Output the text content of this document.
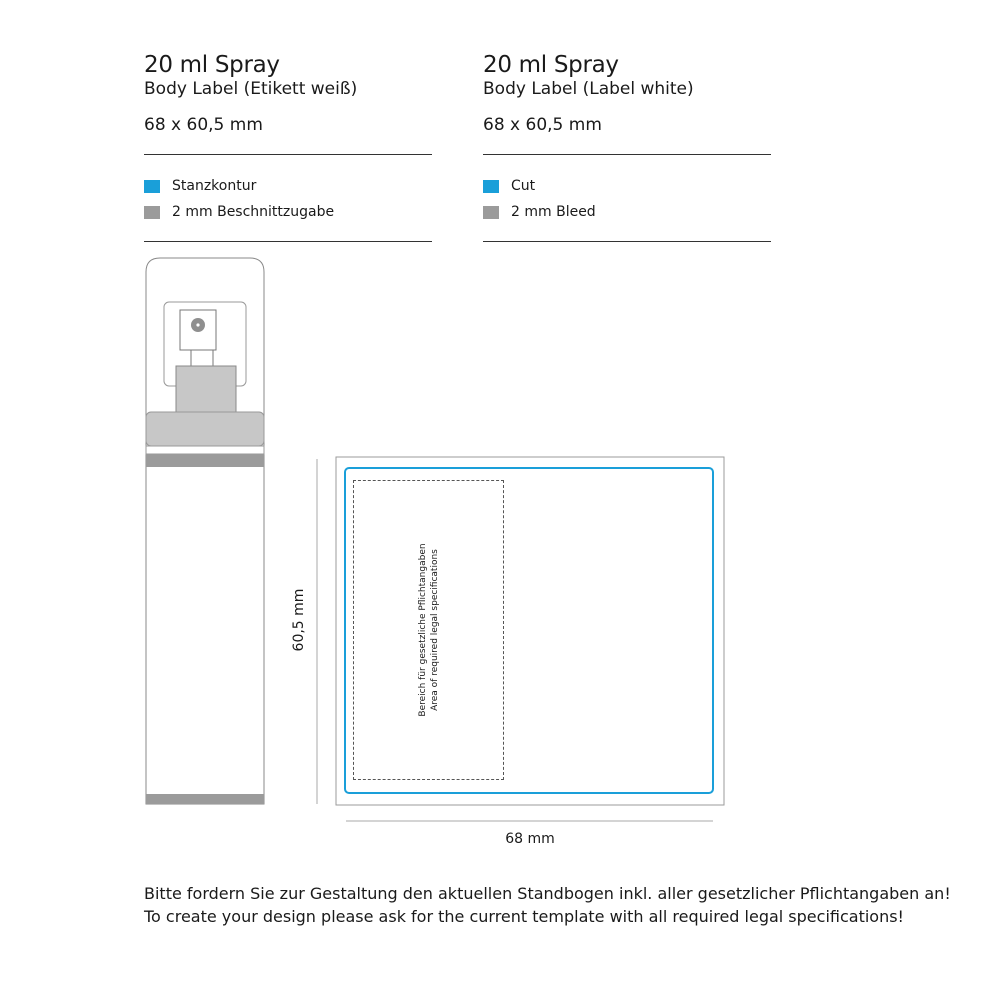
20 ml Spray
Body Label (Etikett weiß)
68 x 60,5 mm
Stanzkontur
2 mm Beschnittzugabe
20 ml Spray
Body Label (Label white)
68 x 60,5 mm
Cut
2 mm Bleed
Bereich für gesetzliche Pflichtangaben Area of required legal specifications
60,5 mm
68 mm
Bitte fordern Sie zur Gestaltung den aktuellen Standbogen inkl. aller gesetzlicher Pflichtangaben an!
To create your design please ask for the current template with all required legal specifications!
